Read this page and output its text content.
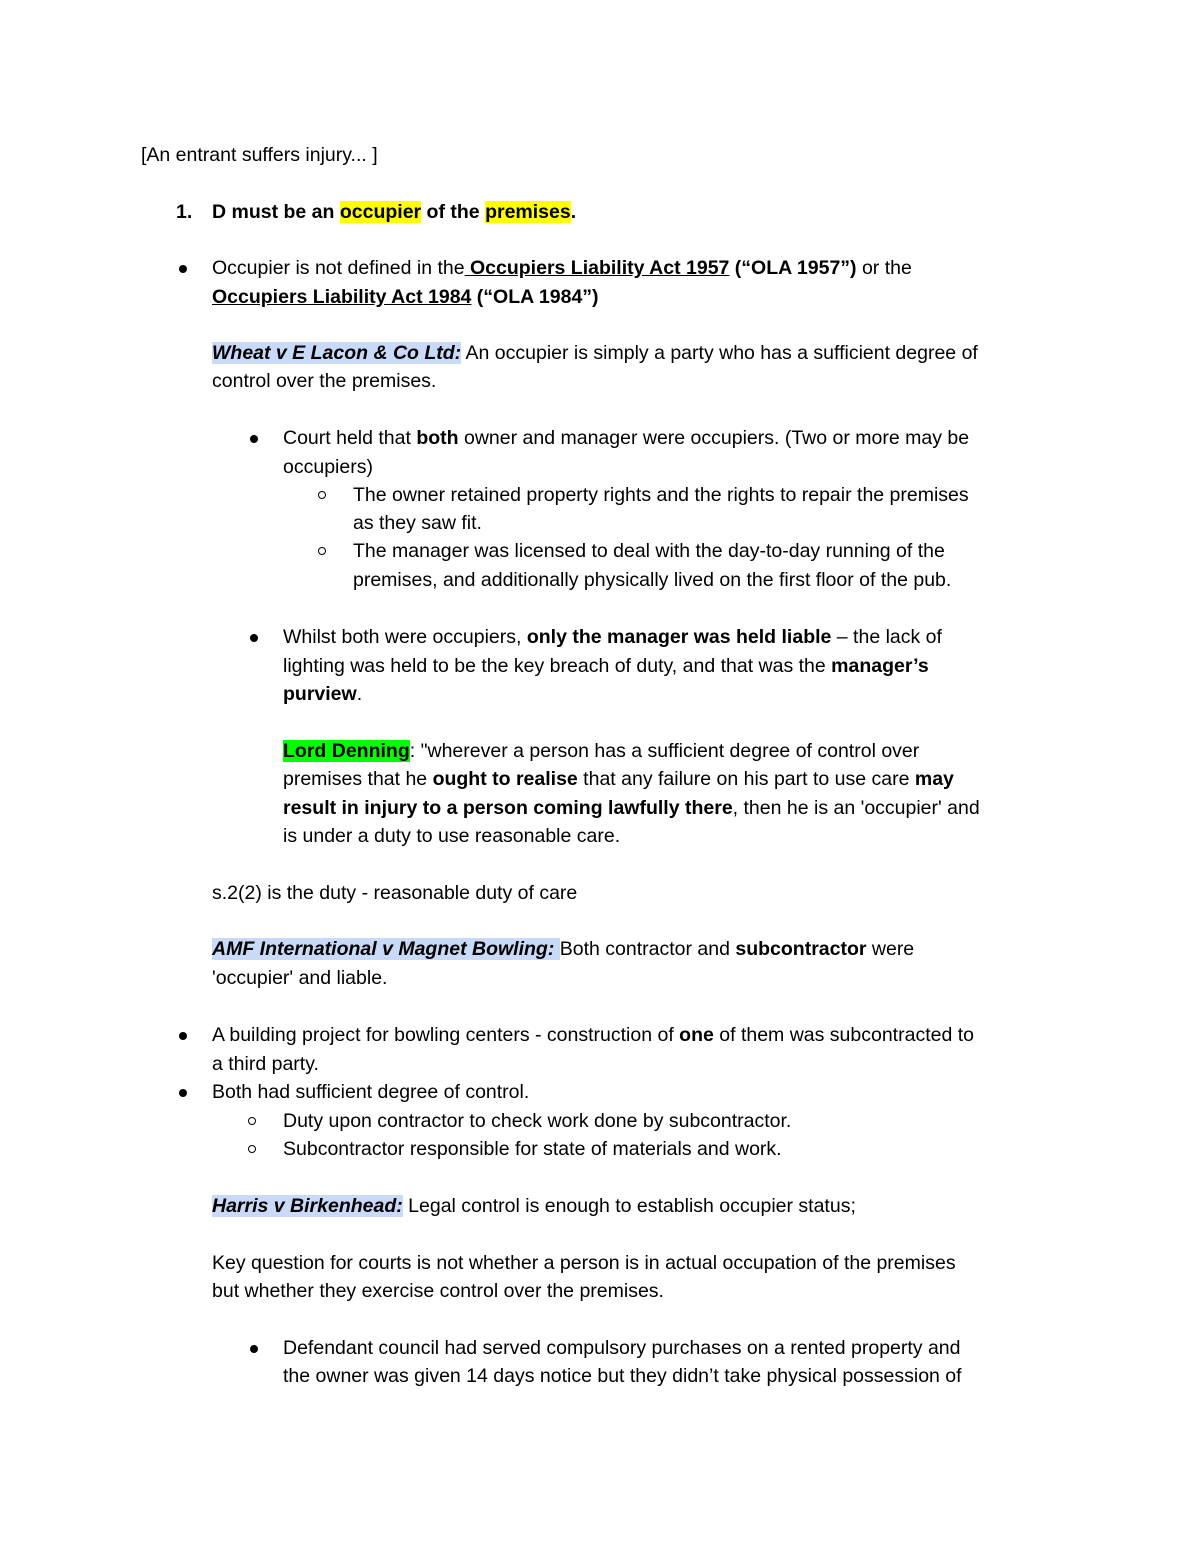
[An entrant suffers injury... ]

1. D must be an occupier of the premises.

Occupier is not defined in the Occupiers Liability Act 1957 (“OLA 1957”) or the

Occupiers Liability Act 1984 (“OLA 1984”)

Wheat v E Lacon & Co Ltd: An occupier is simply a party who has a sufficient degree of

control over the premises.

Court held that both owner and manager were occupiers. (Two or more may be

occupiers)

The owner retained property rights and the rights to repair the premises

as they saw fit.

The manager was licensed to deal with the day-to-day running of the

premises, and additionally physically lived on the first floor of the pub.

Whilst both were occupiers, only the manager was held liable – the lack of

lighting was held to be the key breach of duty, and that was the manager’s

purview.

Lord Denning: "wherever a person has a sufficient degree of control over

premises that he ought to realise that any failure on his part to use care may

result in injury to a person coming lawfully there, then he is an 'occupier' and

is under a duty to use reasonable care.

s.2(2) is the duty - reasonable duty of care

AMF International v Magnet Bowling: Both contractor and subcontractor were

'occupier' and liable.

A building project for bowling centers - construction of one of them was subcontracted to

a third party.

Both had sufficient degree of control.

Duty upon contractor to check work done by subcontractor.

Subcontractor responsible for state of materials and work.

Harris v Birkenhead: Legal control is enough to establish occupier status;

Key question for courts is not whether a person is in actual occupation of the premises

but whether they exercise control over the premises.

Defendant council had served compulsory purchases on a rented property and

the owner was given 14 days notice but they didn’t take physical possession of
